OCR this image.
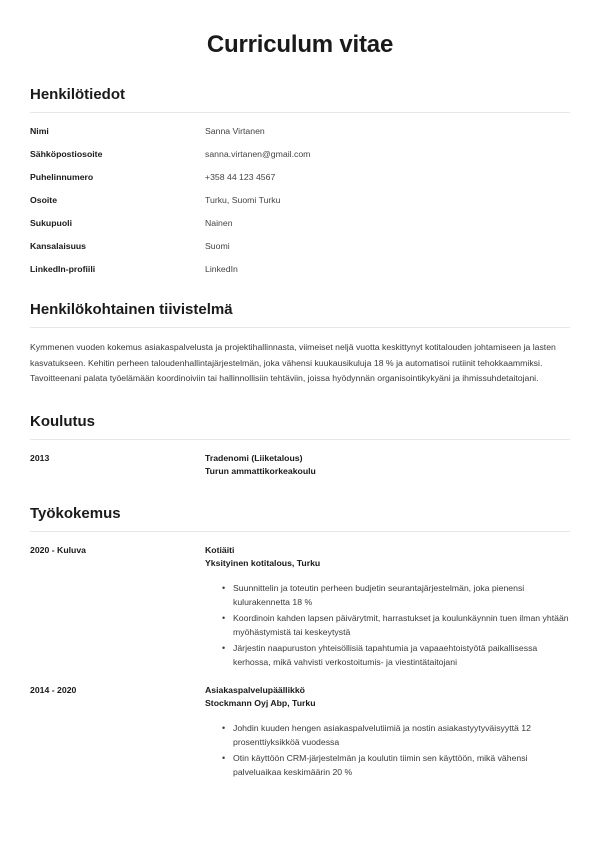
Curriculum vitae
Henkilötiedot
Nimi	Sanna Virtanen
Sähköpostiosoite	sanna.virtanen@gmail.com
Puhelinnumero	+358 44 123 4567
Osoite	Turku, Suomi Turku
Sukupuoli	Nainen
Kansalaisuus	Suomi
LinkedIn-profiili	LinkedIn
Henkilökohtainen tiivistelmä

Kymmenen vuoden kokemus asiakaspalvelusta ja projektihallinnasta, viimeiset neljä vuotta keskittynyt kotitalouden johtamiseen ja lasten kasvatukseen. Kehitin perheen taloudenhallintajärjestelmän, joka vähensi kuukausikuluja 18 % ja automatisoi rutiinit tehokkaammiksi. Tavoitteenani palata työelämään koordinoiviin tai hallinnollisiin tehtäviin, joissa hyödynnän organisointikykyäni ja ihmissuhdetaitojani.

Koulutus
2013	Tradenomi (Liiketalous)
Turun ammattikorkeakoulu
Työkokemus
2020 - Kuluva	Kotiäiti
Yksityinen kotitalous, Turku
• Suunnittelin ja toteutin perheen budjetin seurantajärjestelmän, joka pienensi kulurakennetta 18 %
• Koordinoin kahden lapsen päivärytmit, harrastukset ja koulunkäynnin tuen ilman yhtään myöhästymistä tai keskeytystä
• Järjestin naapuruston yhteisöllisiä tapahtumia ja vapaaehtoistyötä paikallisessa kerhossa, mikä vahvisti verkostoitumis- ja viestintätaitojani
2014 - 2020	Asiakaspalvelupäällikkö
Stockmann Oyj Abp, Turku
• Johdin kuuden hengen asiakaspalvelutiimiä ja nostin asiakastyytyväisyyttä 12 prosenttiyksikköä vuodessa
• Otin käyttöön CRM-järjestelmän ja koulutin tiimin sen käyttöön, mikä vähensi palveluaikaa keskimäärin 20 %
